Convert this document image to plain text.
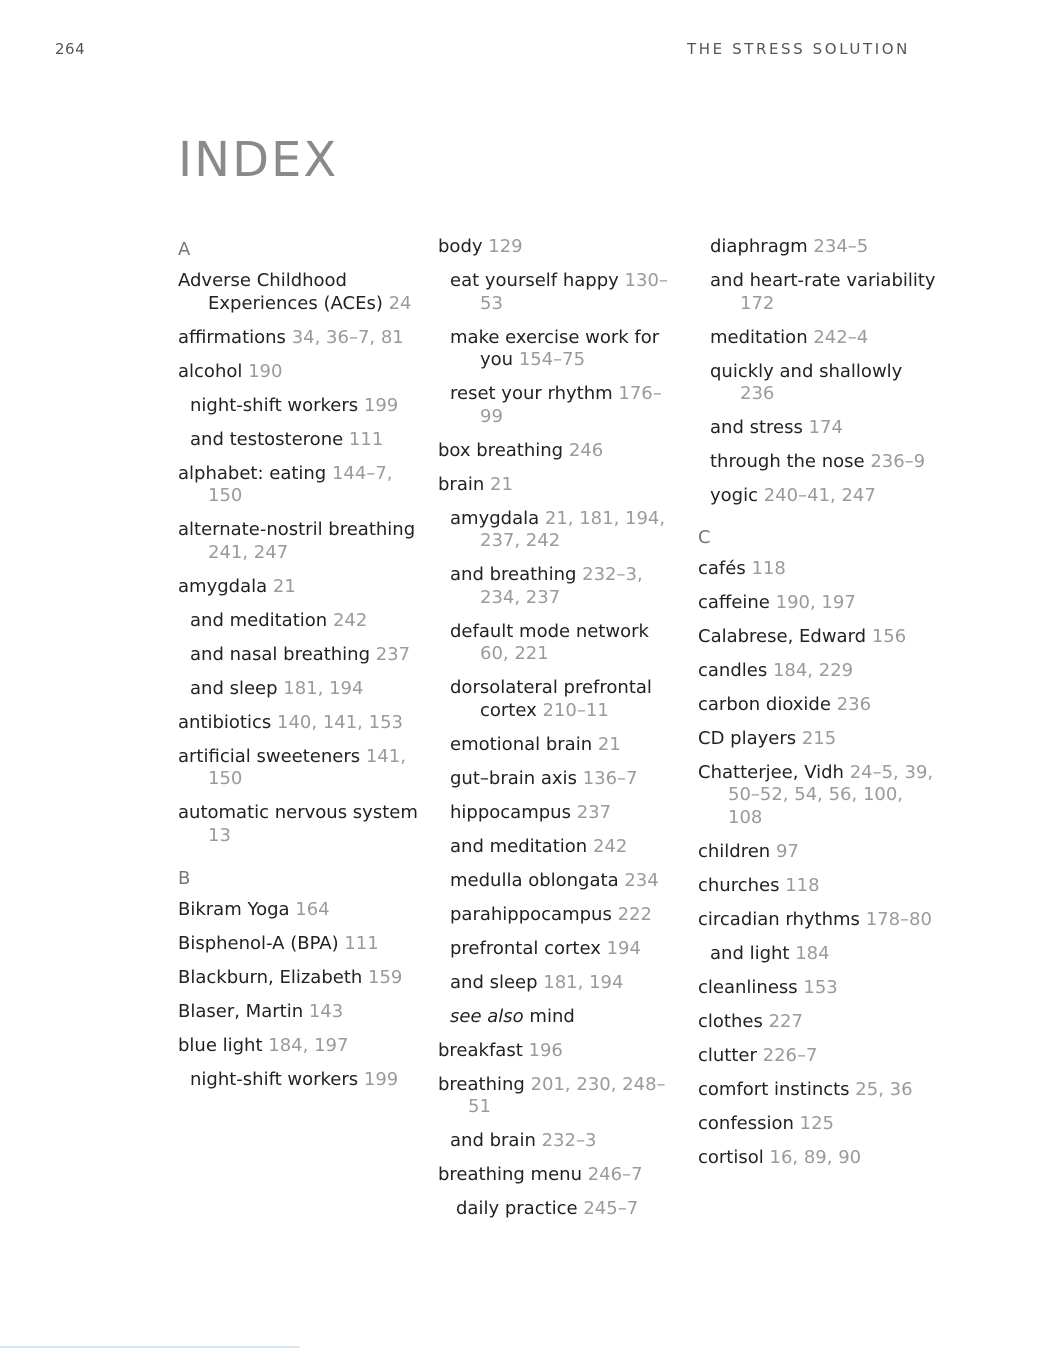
264	THE STRESS SOLUTION
INDEX
A
Adverse Childhood Experiences (ACEs) 24
affirmations 34, 36–7, 81
alcohol 190
night-shift workers 199
and testosterone 111
alphabet: eating 144–7, 150
alternate-nostril breathing 241, 247
amygdala 21
and meditation 242
and nasal breathing 237
and sleep 181, 194
antibiotics 140, 141, 153
artificial sweeteners 141, 150
automatic nervous system 13
B
Bikram Yoga 164
Bisphenol-A (BPA) 111
Blackburn, Elizabeth 159
Blaser, Martin 143
blue light 184, 197
night-shift workers 199
body 129
eat yourself happy 130–53
make exercise work for you 154–75
reset your rhythm 176–99
box breathing 246
brain 21
amygdala 21, 181, 194, 237, 242
and breathing 232–3, 234, 237
default mode network 60, 221
dorsolateral prefrontal cortex 210–11
emotional brain 21
gut–brain axis 136–7
hippocampus 237
and meditation 242
medulla oblongata 234
parahippocampus 222
prefrontal cortex 194
and sleep 181, 194
see also mind
breakfast 196
breathing 201, 230, 248–51
and brain 232–3
breathing menu 246–7
daily practice 245–7
diaphragm 234–5
and heart-rate variability 172
meditation 242–4
quickly and shallowly 236
and stress 174
through the nose 236–9
yogic 240–41, 247
C
cafés 118
caffeine 190, 197
Calabrese, Edward 156
candles 184, 229
carbon dioxide 236
CD players 215
Chatterjee, Vidh 24–5, 39, 50–52, 54, 56, 100, 108
children 97
churches 118
circadian rhythms 178–80
and light 184
cleanliness 153
clothes 227
clutter 226–7
comfort instincts 25, 36
confession 125
cortisol 16, 89, 90
